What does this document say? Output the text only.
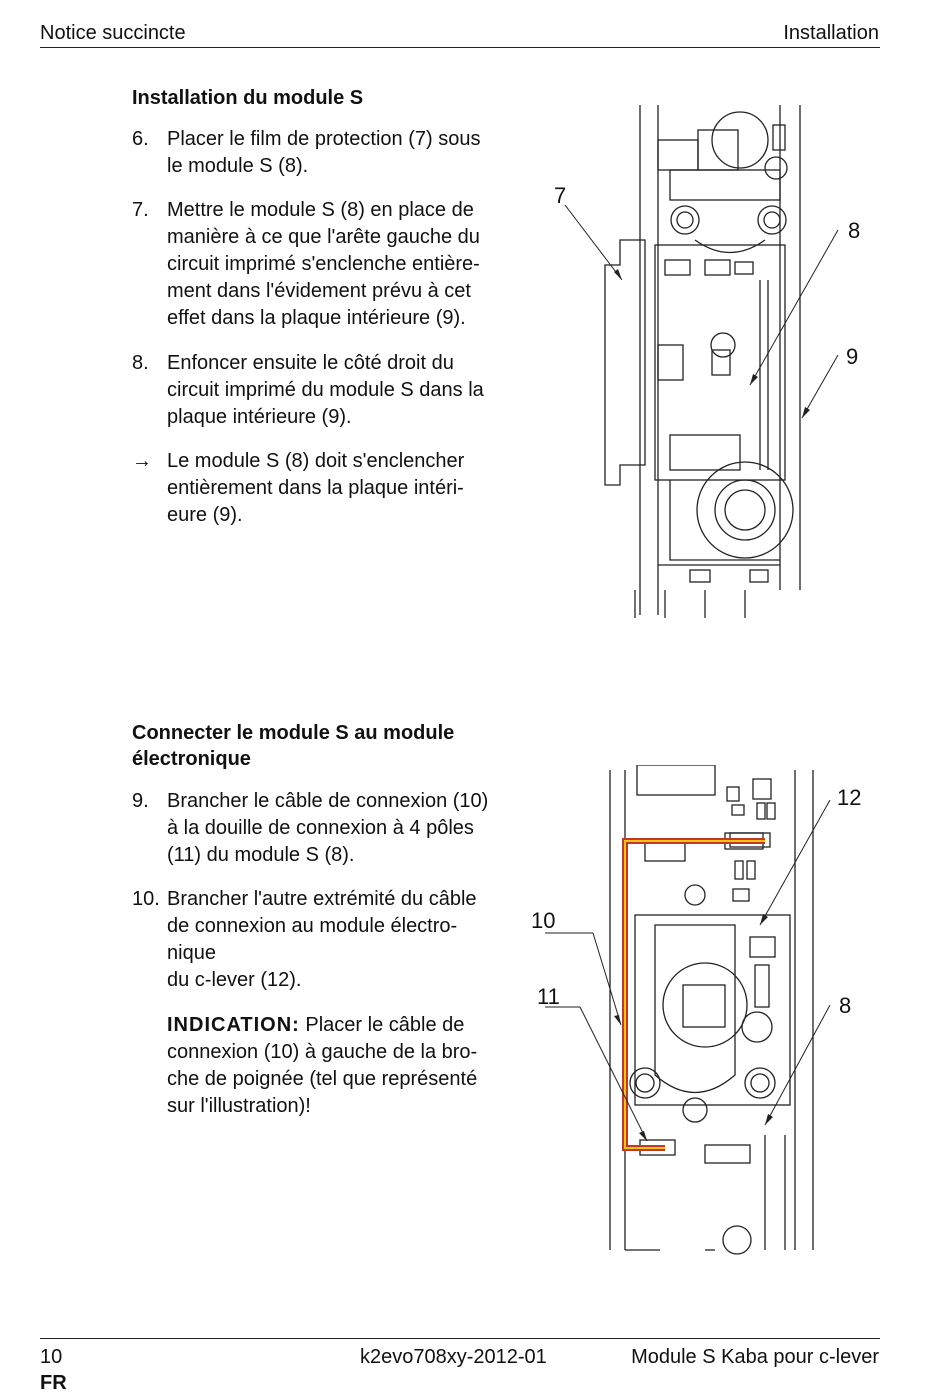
Notice succincte	Installation
Installation du module S
6. Placer le film de protection (7) sous
le module S (8).
7. Mettre le module S (8) en place de
manière à ce que l'arête gauche du
circuit imprimé s'enclenche entière-
ment dans l'évidement prévu à cet
effet dans la plaque intérieure (9).
8. Enfoncer ensuite le côté droit du
circuit imprimé du module S dans la
plaque intérieure (9).
→ Le module S (8) doit s'enclencher
entièrement dans la plaque intéri-
eure (9).
7
8
9
Connecter le module S au module
électronique
9. Brancher le câble de connexion (10)
à la douille de connexion à 4 pôles
(11) du module S (8).
10. Brancher l'autre extrémité du câble
de connexion au module électro-
nique
du c-lever (12).
INDICATION: Placer le câble de
connexion (10) à gauche de la bro-
che de poignée (tel que représenté
sur l'illustration)!
12
10
11	8
10	k2evo708xy-2012-01	Module S Kaba pour c-lever
FR
